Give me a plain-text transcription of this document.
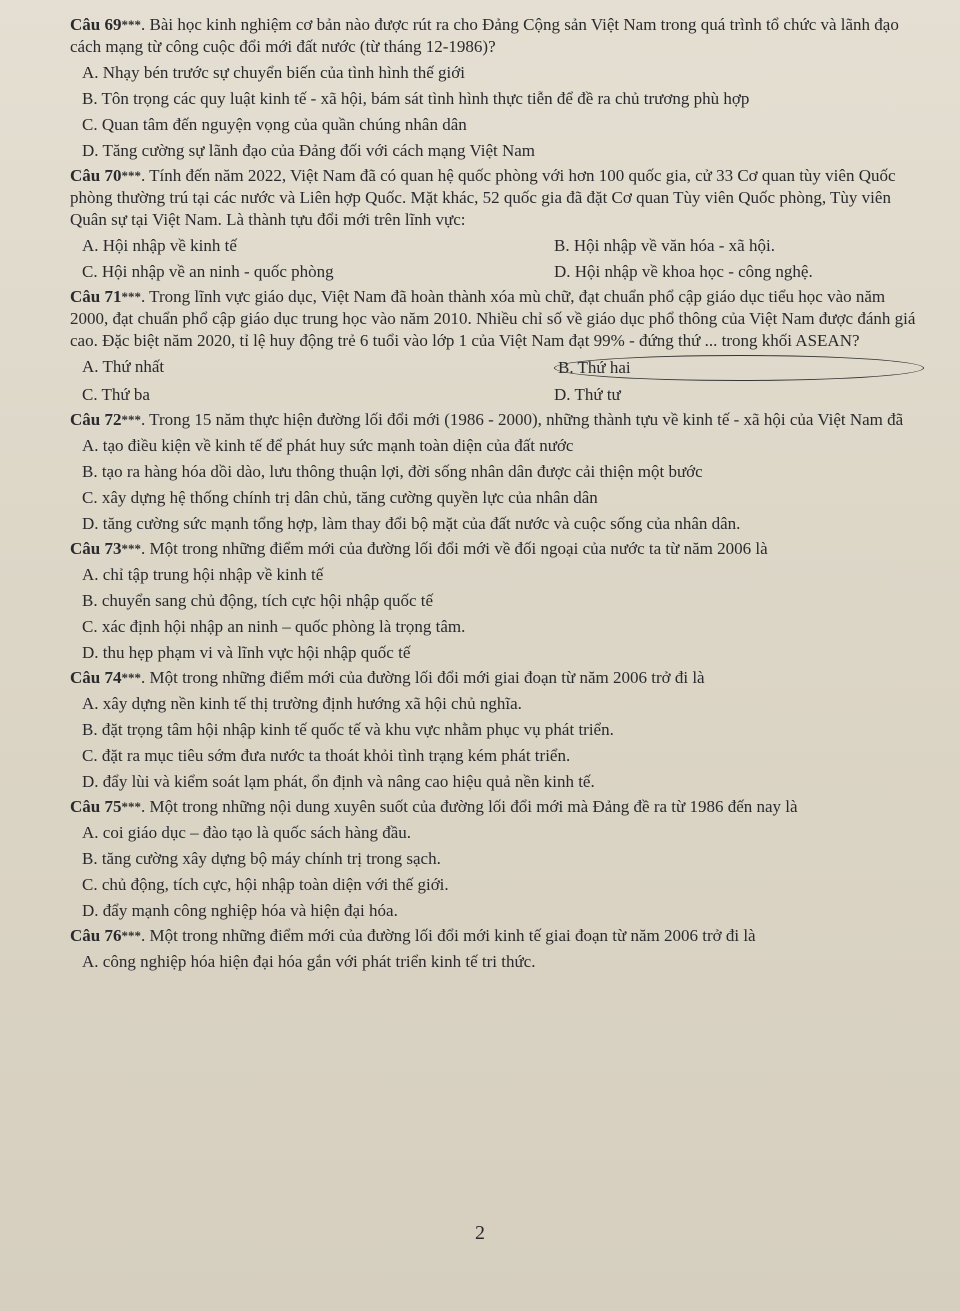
Câu 69***. Bài học kinh nghiệm cơ bản nào được rút ra cho Đảng Cộng sản Việt Nam trong quá trình tổ chức và lãnh đạo cách mạng từ công cuộc đổi mới đất nước (từ tháng 12-1986)?

A. Nhạy bén trước sự chuyển biến của tình hình thế giới

B. Tôn trọng các quy luật kinh tế - xã hội, bám sát tình hình thực tiễn để đề ra chủ trương phù hợp

C. Quan tâm đến nguyện vọng của quần chúng nhân dân

D. Tăng cường sự lãnh đạo của Đảng đối với cách mạng Việt Nam

Câu 70***. Tính đến năm 2022, Việt Nam đã có quan hệ quốc phòng với hơn 100 quốc gia, cử 33 Cơ quan tùy viên Quốc phòng thường trú tại các nước và Liên hợp Quốc. Mặt khác, 52 quốc gia đã đặt Cơ quan Tùy viên Quốc phòng, Tùy viên Quân sự tại Việt Nam. Là thành tựu đổi mới trên lĩnh vực:

A. Hội nhập về kinh tế	B. Hội nhập về văn hóa - xã hội.
C. Hội nhập về an ninh - quốc phòng	D. Hội nhập về khoa học - công nghệ.

Câu 71***. Trong lĩnh vực giáo dục, Việt Nam đã hoàn thành xóa mù chữ, đạt chuẩn phổ cập giáo dục tiểu học vào năm 2000, đạt chuẩn phổ cập giáo dục trung học vào năm 2010. Nhiều chỉ số về giáo dục phổ thông của Việt Nam được đánh giá cao. Đặc biệt năm 2020, tỉ lệ huy động trẻ 6 tuổi vào lớp 1 của Việt Nam đạt 99% - đứng thứ ... trong khối ASEAN?

A. Thứ nhất	B. Thứ hai
C. Thứ ba	D. Thứ tư

Câu 72***. Trong 15 năm thực hiện đường lối đổi mới (1986 - 2000), những thành tựu về kinh tế - xã hội của Việt Nam đã

A. tạo điều kiện về kinh tế để phát huy sức mạnh toàn diện của đất nước

B. tạo ra hàng hóa dồi dào, lưu thông thuận lợi, đời sống nhân dân được cải thiện một bước

C. xây dựng hệ thống chính trị dân chủ, tăng cường quyền lực của nhân dân

D. tăng cường sức mạnh tổng hợp, làm thay đổi bộ mặt của đất nước và cuộc sống của nhân dân.

Câu 73***. Một trong những điểm mới của đường lối đổi mới về đối ngoại của nước ta từ năm 2006 là

A. chỉ tập trung hội nhập về kinh tế

B. chuyển sang chủ động, tích cực hội nhập quốc tế

C. xác định hội nhập an ninh – quốc phòng là trọng tâm.

D. thu hẹp phạm vi và lĩnh vực hội nhập quốc tế

Câu 74***. Một trong những điểm mới của đường lối đổi mới giai đoạn từ năm 2006 trở đi là

A. xây dựng nền kinh tế thị trường định hướng xã hội chủ nghĩa.

B. đặt trọng tâm hội nhập kinh tế quốc tế và khu vực nhằm phục vụ phát triển.

C. đặt ra mục tiêu sớm đưa nước ta thoát khỏi tình trạng kém phát triển.

D. đẩy lùi và kiểm soát lạm phát, ổn định và nâng cao hiệu quả nền kinh tế.

Câu 75***. Một trong những nội dung xuyên suốt của đường lối đổi mới mà Đảng đề ra từ 1986 đến nay là

A. coi giáo dục – đào tạo là quốc sách hàng đầu.

B. tăng cường xây dựng bộ máy chính trị trong sạch.

C. chủ động, tích cực, hội nhập toàn diện với thế giới.

D. đẩy mạnh công nghiệp hóa và hiện đại hóa.

Câu 76***. Một trong những điểm mới của đường lối đổi mới kinh tế giai đoạn từ năm 2006 trở đi là

A. công nghiệp hóa hiện đại hóa gắn với phát triển kinh tế tri thức.

2
